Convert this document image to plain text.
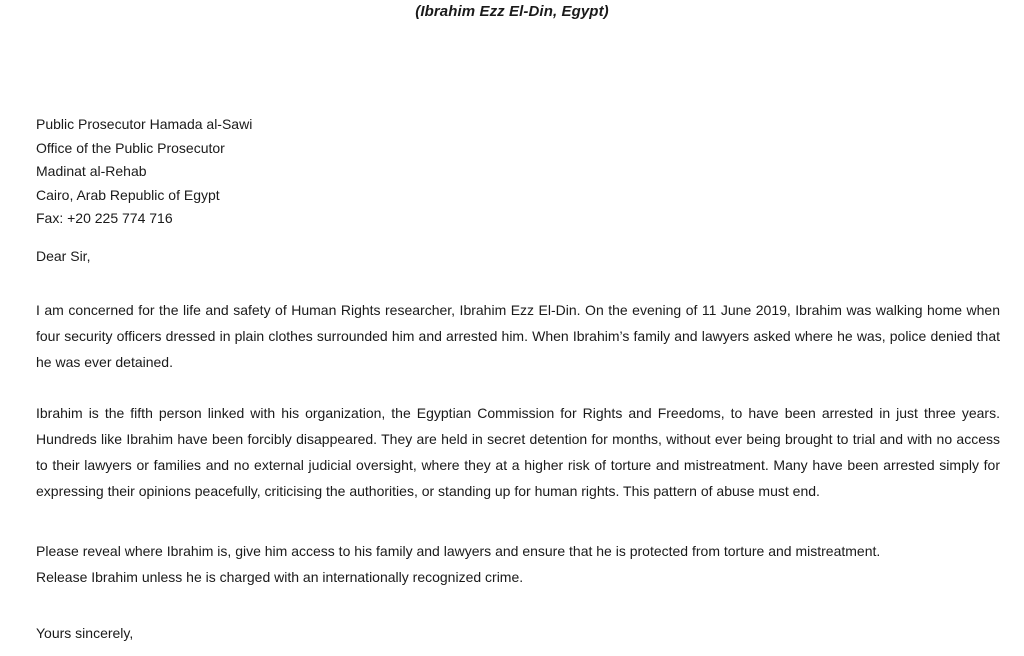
(Ibrahim Ezz El-Din, Egypt)
Public Prosecutor Hamada al-Sawi
Office of the Public Prosecutor
Madinat al-Rehab
Cairo, Arab Republic of Egypt
Fax: +20 225 774 716
Dear Sir,
I am concerned for the life and safety of Human Rights researcher, Ibrahim Ezz El-Din. On the evening of 11 June 2019, Ibrahim was walking home when four security officers dressed in plain clothes surrounded him and arrested him. When Ibrahim’s family and lawyers asked where he was, police denied that he was ever detained.
Ibrahim is the fifth person linked with his organization, the Egyptian Commission for Rights and Freedoms, to have been arrested in just three years. Hundreds like Ibrahim have been forcibly disappeared. They are held in secret detention for months, without ever being brought to trial and with no access to their lawyers or families and no external judicial oversight, where they at a higher risk of torture and mistreatment. Many have been arrested simply for expressing their opinions peacefully, criticising the authorities, or standing up for human rights. This pattern of abuse must end.
Please reveal where Ibrahim is, give him access to his family and lawyers and ensure that he is protected from torture and mistreatment.
Release Ibrahim unless he is charged with an internationally recognized crime.
Yours sincerely,
